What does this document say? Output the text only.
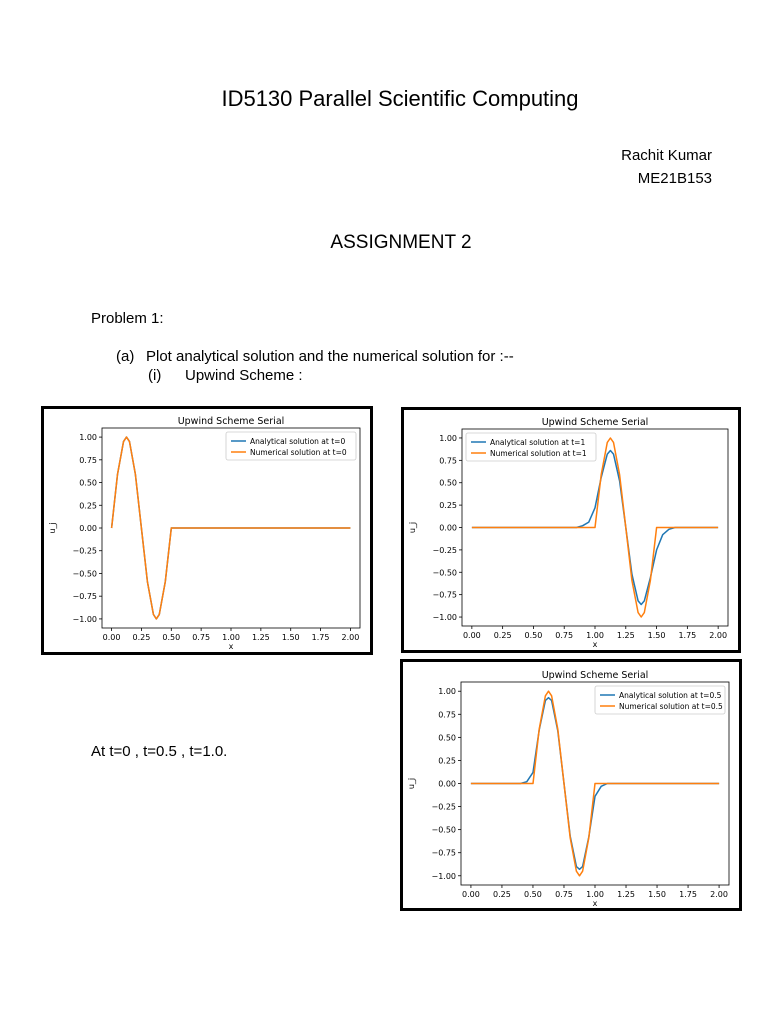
ID5130 Parallel Scientific Computing
Rachit Kumar
ME21B153
ASSIGNMENT 2
Problem 1:
(a) Plot analytical solution and the numerical solution for :--
(i) Upwind Scheme :
At t=0 , t=0.5 , t=1.0.
Upwind Scheme Serial
0.00 0.25 0.50 0.75 1.00 1.25 1.50 1.75 2.00
1.00
0.75
0.50
0.25
0.00
−0.25
−0.50
−0.75
−1.00
x
u_j
Analytical solution at t=0
Numerical solution at t=0
Upwind Scheme Serial
0.00 0.25 0.50 0.75 1.00 1.25 1.50 1.75 2.00
1.00
0.75
0.50
0.25
0.00
−0.25
−0.50
−0.75
−1.00
x
u_j
Analytical solution at t=1
Numerical solution at t=1
Upwind Scheme Serial
0.00 0.25 0.50 0.75 1.00 1.25 1.50 1.75 2.00
1.00
0.75
0.50
0.25
0.00
−0.25
−0.50
−0.75
−1.00
x
u_j
Analytical solution at t=0.5
Numerical solution at t=0.5
